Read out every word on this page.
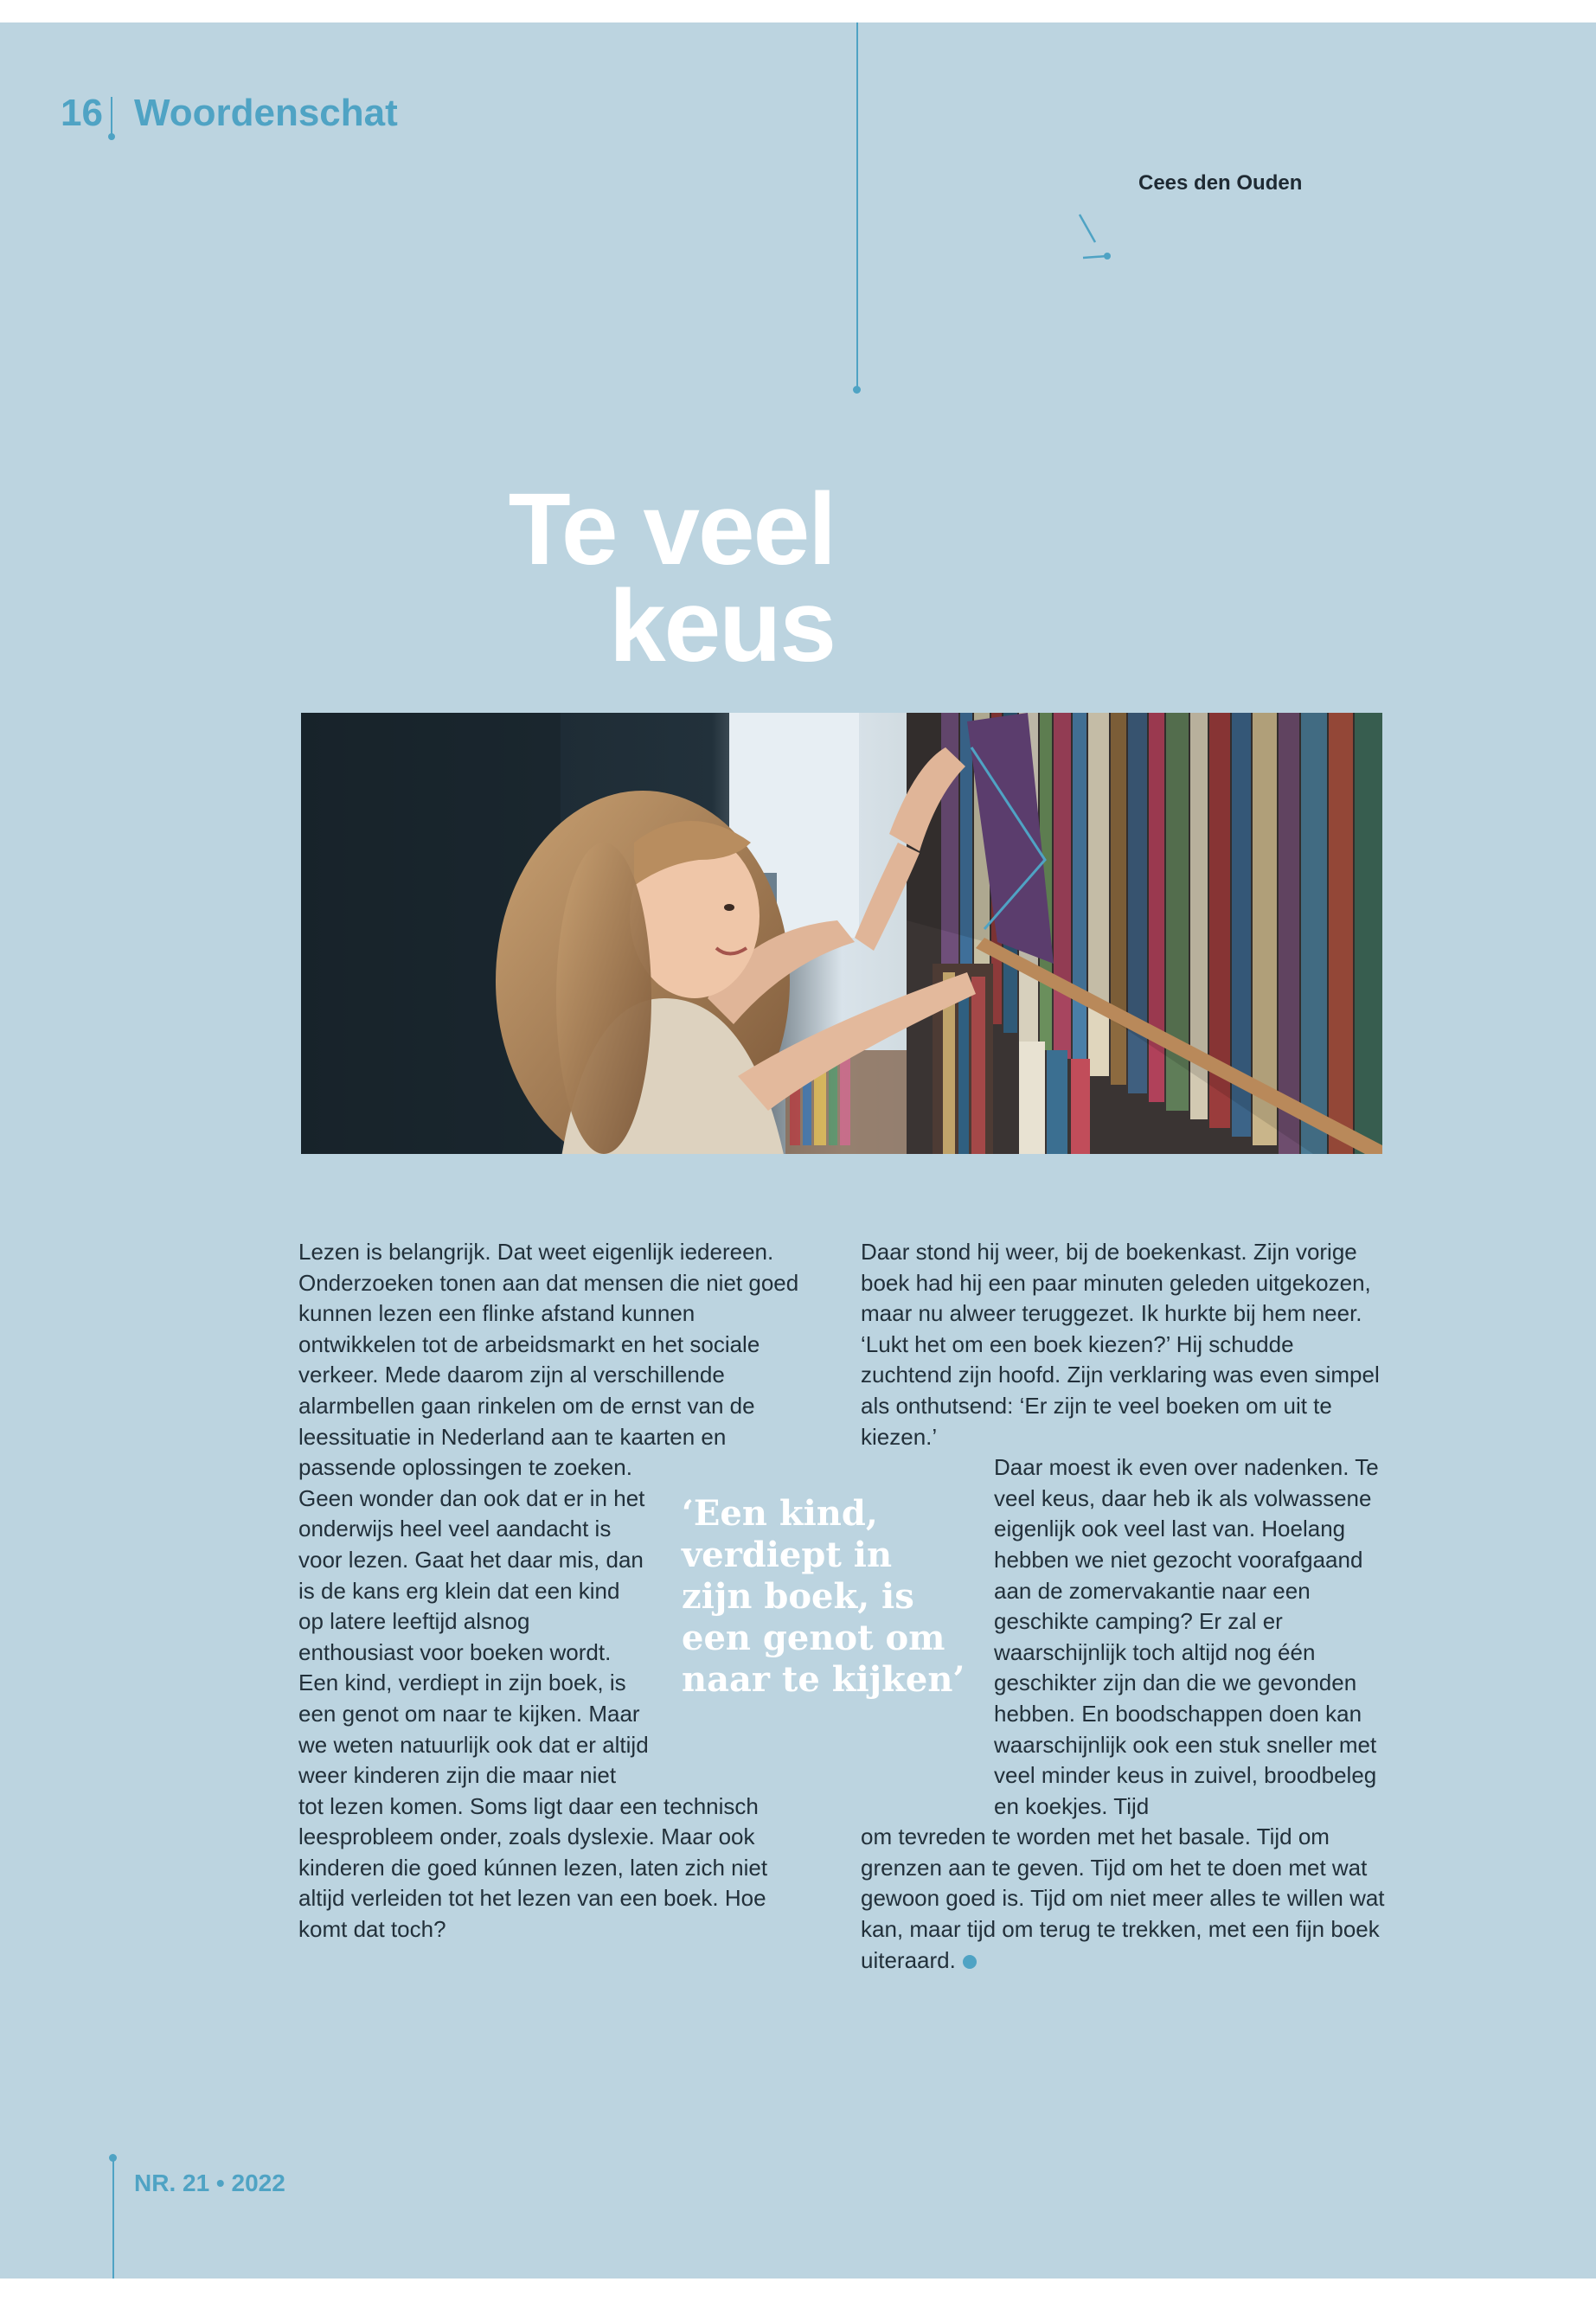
16 Woordenschat
Cees den Ouden
Te veel
keus

Lezen is belangrijk. Dat weet eigenlijk iedereen. Onderzoeken tonen aan dat mensen die niet goed kunnen lezen een flinke afstand kunnen ontwikkelen tot de arbeidsmarkt en het sociale verkeer. Mede daarom zijn al verschillende alarmbellen gaan rinkelen om de ernst van de leessituatie in Nederland aan te kaarten en passende oplossingen te zoeken.

Geen wonder dan ook dat er in het onderwijs heel veel aandacht is voor lezen. Gaat het daar mis, dan is de kans erg klein dat een kind op latere leeftijd alsnog enthousiast voor boeken wordt. Een kind, verdiept in zijn boek, is een genot om naar te kijken. Maar we weten natuurlijk ook dat er altijd weer kinderen zijn die maar niet

tot lezen komen. Soms ligt daar een technisch leesprobleem onder, zoals dyslexie. Maar ook kinderen die goed kúnnen lezen, laten zich niet altijd verleiden tot het lezen van een boek. Hoe komt dat toch?

‘Een kind, verdiept in zijn boek, is een genot om naar te kijken’

Daar stond hij weer, bij de boekenkast. Zijn vorige boek had hij een paar minuten geleden uitgekozen, maar nu alweer teruggezet. Ik hurkte bij hem neer. ‘Lukt het om een boek kiezen?’ Hij schudde zuchtend zijn hoofd. Zijn verklaring was even simpel als onthutsend: ‘Er zijn te veel boeken om uit te kiezen.’

Daar moest ik even over nadenken. Te veel keus, daar heb ik als volwassene eigenlijk ook veel last van. Hoelang hebben we niet gezocht voorafgaand aan de zomervakantie naar een geschikte camping? Er zal er waarschijnlijk toch altijd nog één geschikter zijn dan die we gevonden hebben. En boodschappen doen kan waarschijnlijk ook een stuk sneller met veel minder keus in zuivel, broodbeleg en koekjes. Tijd

om tevreden te worden met het basale. Tijd om grenzen aan te geven. Tijd om het te doen met wat gewoon goed is. Tijd om niet meer alles te willen wat kan, maar tijd om terug te trekken, met een fijn boek uiteraard.

NR. 21 • 2022
